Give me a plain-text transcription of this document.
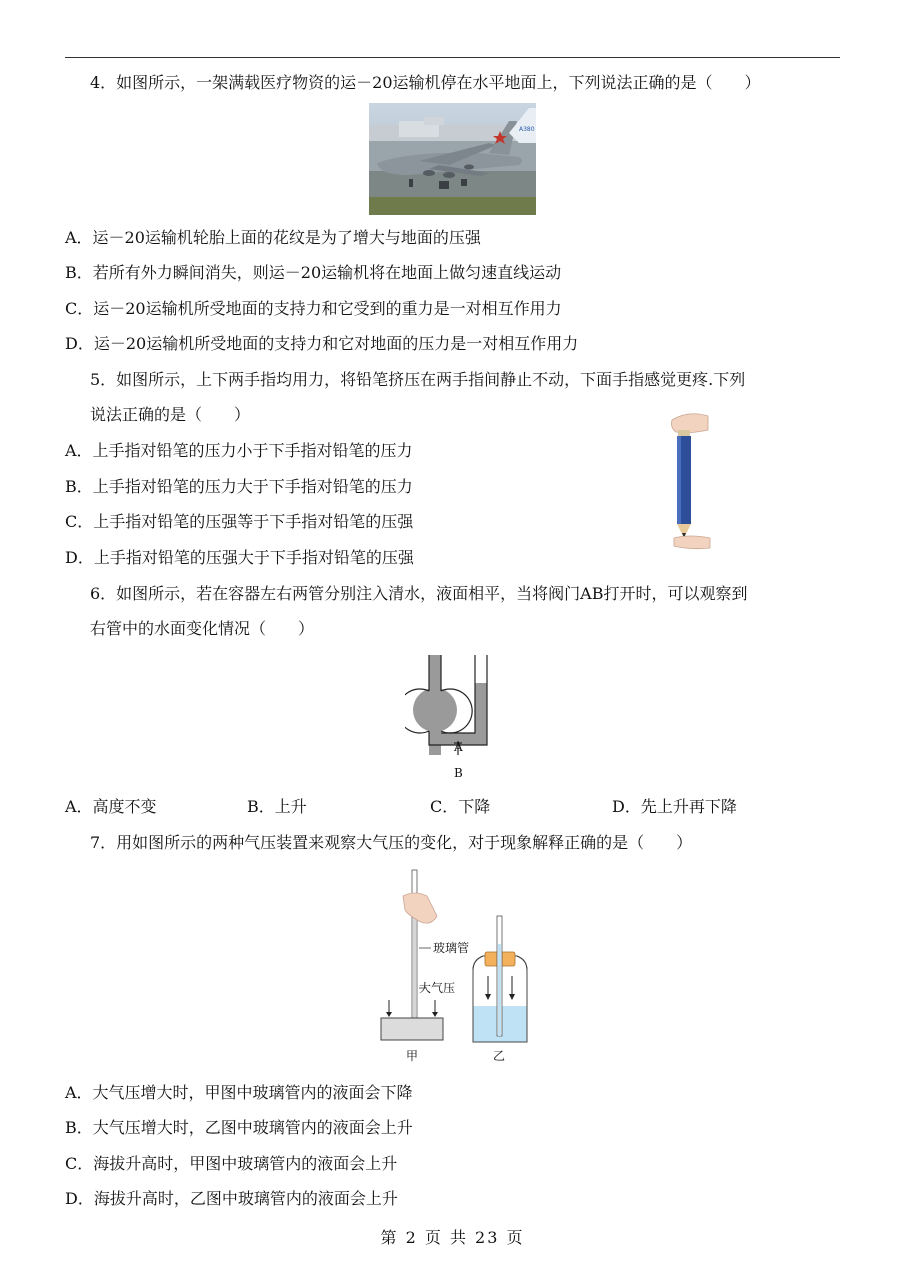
4．如图所示，一架满载医疗物资的运－20运输机停在水平地面上，下列说法正确的是（　　）
A380
A．运－20运输机轮胎上面的花纹是为了增大与地面的压强
B．若所有外力瞬间消失，则运－20运输机将在地面上做匀速直线运动
C．运－20运输机所受地面的支持力和它受到的重力是一对相互作用力
D．运－20运输机所受地面的支持力和它对地面的压力是一对相互作用力
5．如图所示，上下两手指均用力，将铅笔挤压在两手指间静止不动，下面手指感觉更疼.下列
说法正确的是（　　）
A．上手指对铅笔的压力小于下手指对铅笔的压力
B．上手指对铅笔的压力大于下手指对铅笔的压力
C．上手指对铅笔的压强等于下手指对铅笔的压强
D．上手指对铅笔的压强大于下手指对铅笔的压强
6．如图所示，若在容器左右两管分别注入清水，液面相平，当将阀门AB打开时，可以观察到
右管中的水面变化情况（　　）
A
B
A．高度不变	B．上升	C．下降	D．先上升再下降
7．用如图所示的两种气压装置来观察大气压的变化，对于现象解释正确的是（　　）
玻璃管
大气压
甲	乙
A．大气压增大时，甲图中玻璃管内的液面会下降
B．大气压增大时，乙图中玻璃管内的液面会上升
C．海拔升高时，甲图中玻璃管内的液面会上升
D．海拔升高时，乙图中玻璃管内的液面会上升
第 2 页 共 23 页
